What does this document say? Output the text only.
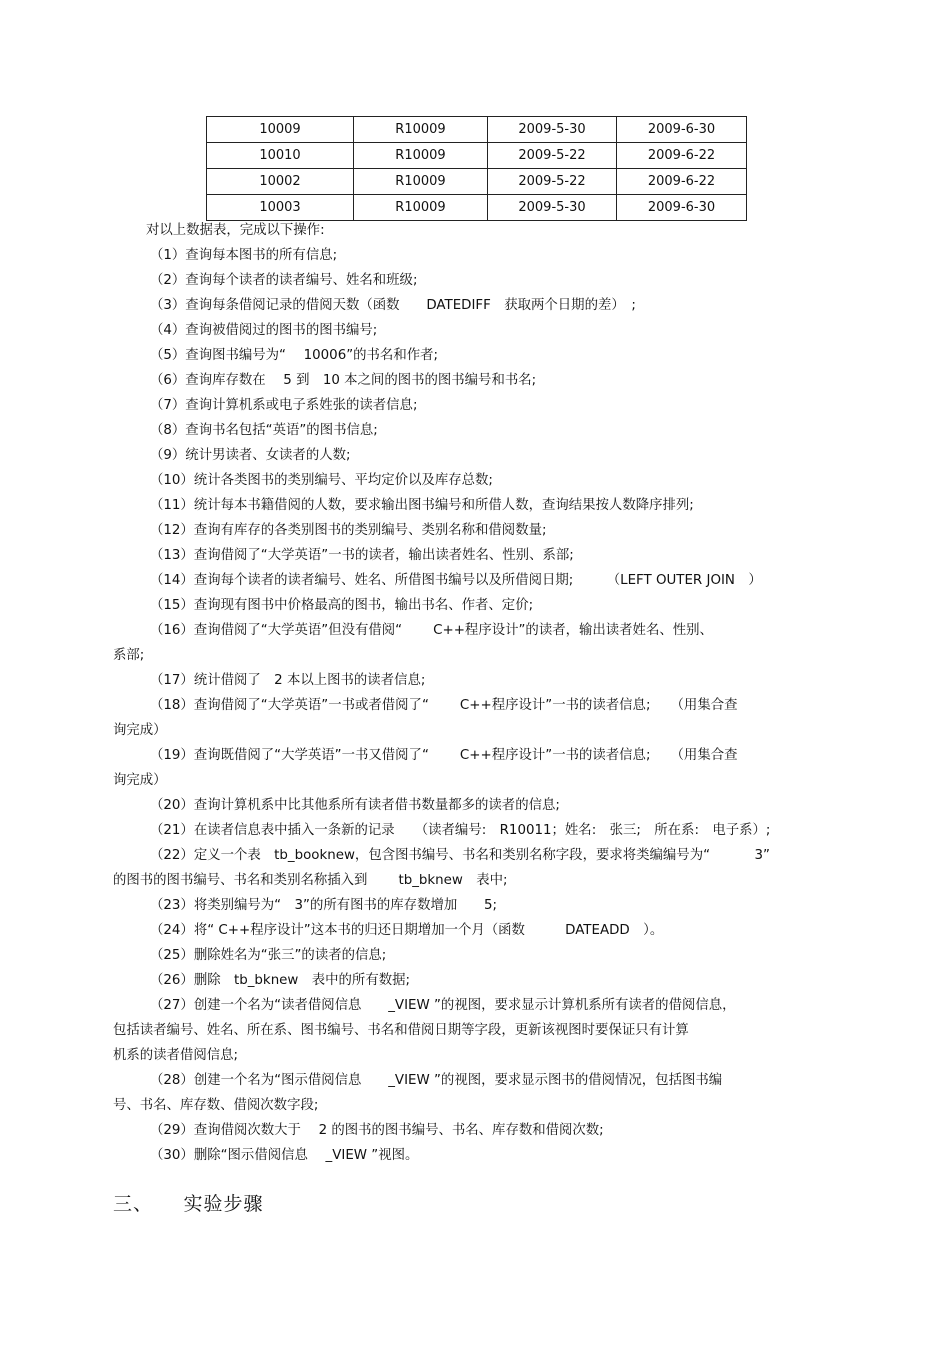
10009	R10009	2009-5-30	2009-6-30
10010	R10009	2009-5-22	2009-6-22
10002	R10009	2009-5-22	2009-6-22
10003	R10009	2009-5-30	2009-6-30
对以上数据表，完成以下操作:
（1）查询每本图书的所有信息;
（2）查询每个读者的读者编号、姓名和班级;
（3）查询每条借阅记录的借阅天数（函数　　DATEDIFF　获取两个日期的差）　;
（4）查询被借阅过的图书的图书编号;
（5）查询图书编号为“　 10006”的书名和作者;
（6）查询库存数在　 5 到　10 本之间的图书的图书编号和书名;
（7）查询计算机系或电子系姓张的读者信息;
（8）查询书名包括“英语”的图书信息;
（9）统计男读者、女读者的人数;
（10）统计各类图书的类别编号、平均定价以及库存总数;
（11）统计每本书籍借阅的人数，要求输出图书编号和所借人数，查询结果按人数降序排列;
（12）查询有库存的各类别图书的类别编号、类别名称和借阅数量;
（13）查询借阅了“大学英语”一书的读者，输出读者姓名、性别、系部;
（14）查询每个读者的读者编号、姓名、所借图书编号以及所借阅日期;　　　（LEFT OUTER JOIN　）
（15）查询现有图书中价格最高的图书，输出书名、作者、定价;
（16）查询借阅了“大学英语”但没有借阅“　　 C++程序设计”的读者，输出读者姓名、性别、
系部;
（17）统计借阅了　2 本以上图书的读者信息;
（18）查询借阅了“大学英语”一书或者借阅了“　　 C++程序设计”一书的读者信息;　　（用集合查
询完成）
（19）查询既借阅了“大学英语”一书又借阅了“　　 C++程序设计”一书的读者信息;　　（用集合查
询完成）
（20）查询计算机系中比其他系所有读者借书数量都多的读者的信息;
（21）在读者信息表中插入一条新的记录　　（读者编号:　R10011；姓名:　张三;　所在系:　电子系）;
（22）定义一个表　tb_booknew，包含图书编号、书名和类别名称字段，要求将类编编号为“　　　 3”
的图书的图书编号、书名和类别名称插入到　　 tb_bknew　表中;
（23）将类别编号为“　3”的所有图书的库存数增加　　5;
（24）将“ C++程序设计”这本书的归还日期增加一个月（函数　　　DATEADD　）。
（25）删除姓名为“张三”的读者的信息;
（26）删除　tb_bknew　表中的所有数据;
（27）创建一个名为“读者借阅信息　　_VIEW ”的视图，要求显示计算机系所有读者的借阅信息，
包括读者编号、姓名、所在系、图书编号、书名和借阅日期等字段，更新该视图时要保证只有计算
机系的读者借阅信息;
（28）创建一个名为“图示借阅信息　　_VIEW ”的视图，要求显示图书的借阅情况，包括图书编
号、书名、库存数、借阅次数字段;
（29）查询借阅次数大于　 2 的图书的图书编号、书名、库存数和借阅次数;
（30）删除“图示借阅信息　 _VIEW ”视图。
三、　　实验步骤
